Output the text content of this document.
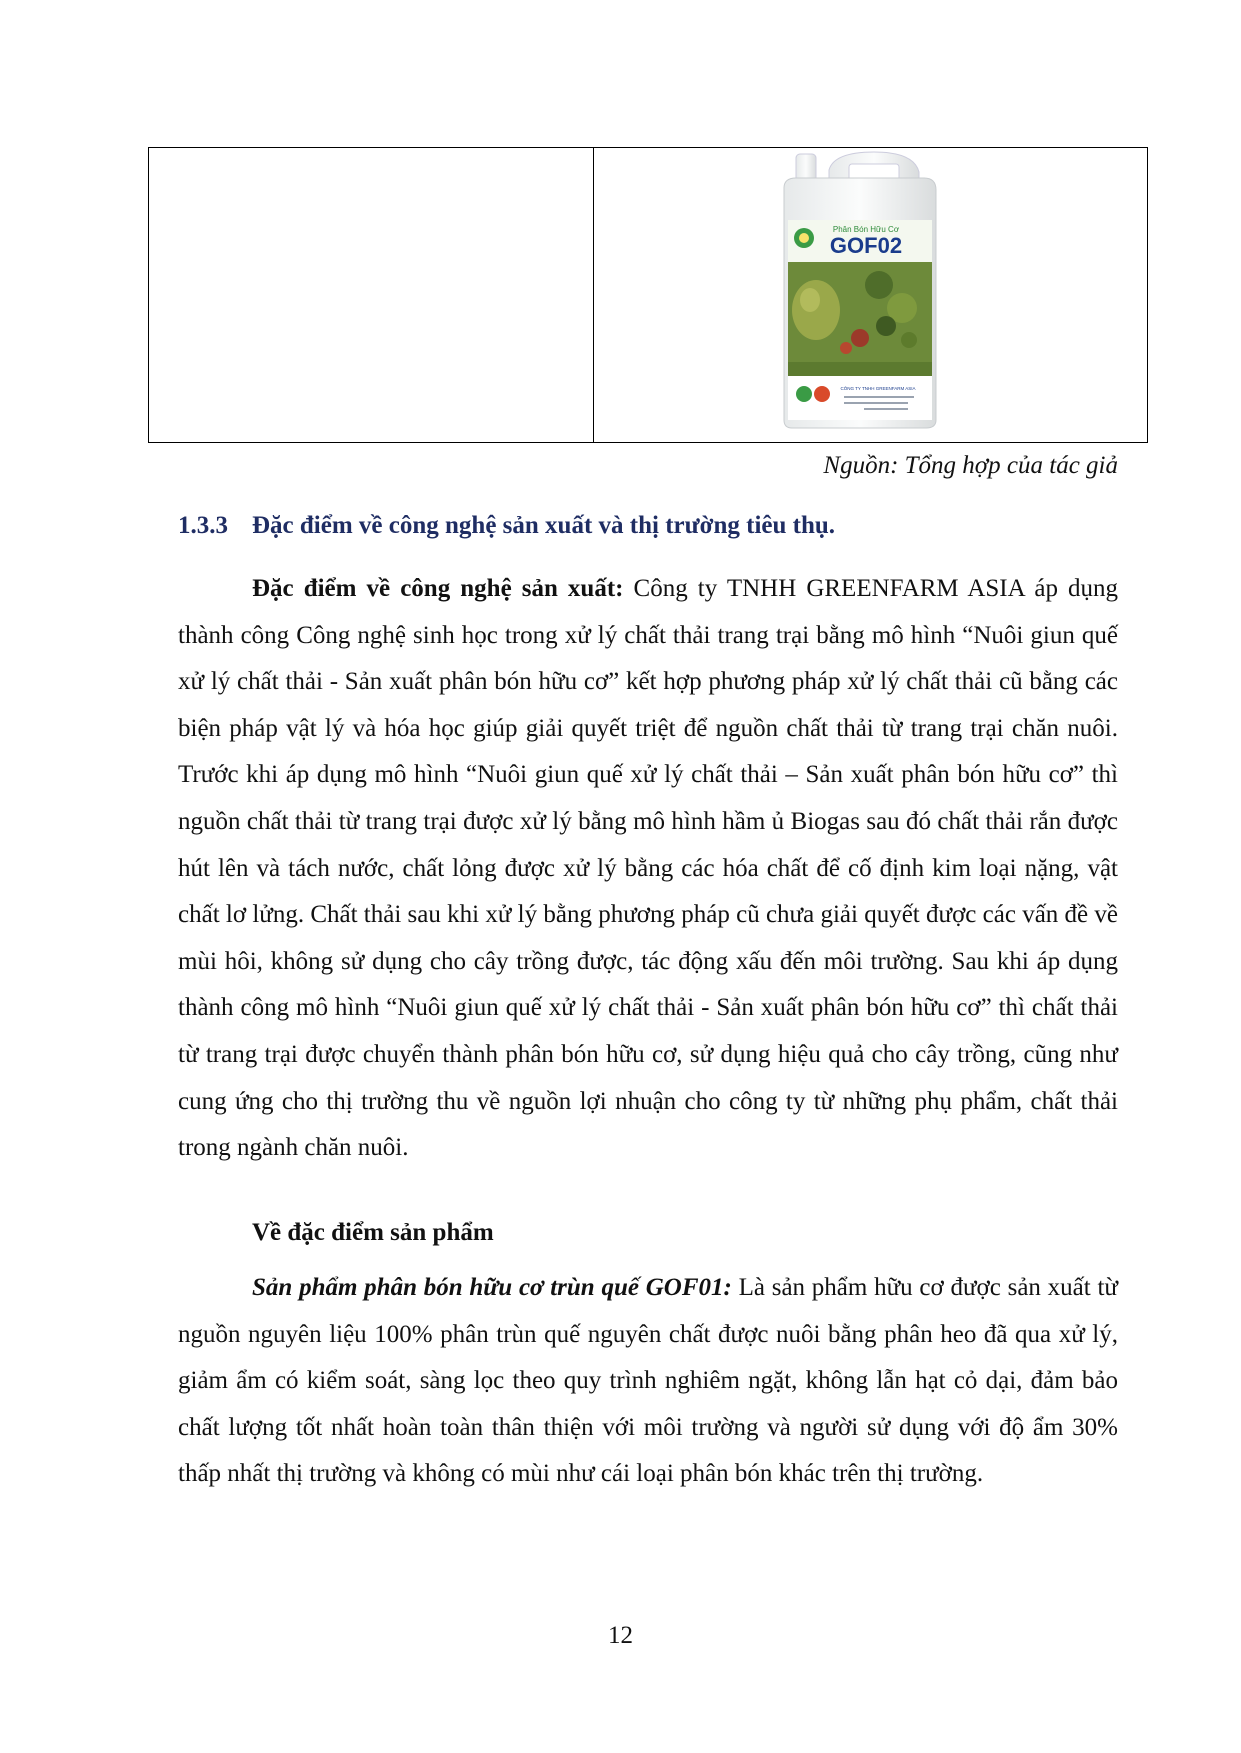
Phân Bón Hữu Cơ
GOF02
CÔNG TY TNHH GREENFARM ASIA
Nguồn: Tổng hợp của tác giả
1.3.3 Đặc điểm về công nghệ sản xuất và thị trường tiêu thụ.

Đặc điểm về công nghệ sản xuất: Công ty TNHH GREENFARM ASIA áp dụng thành công Công nghệ sinh học trong xử lý chất thải trang trại bằng mô hình “Nuôi giun quế xử lý chất thải - Sản xuất phân bón hữu cơ” kết hợp phương pháp xử lý chất thải cũ bằng các biện pháp vật lý và hóa học giúp giải quyết triệt để nguồn chất thải từ trang trại chăn nuôi. Trước khi áp dụng mô hình “Nuôi giun quế xử lý chất thải – Sản xuất phân bón hữu cơ” thì nguồn chất thải từ trang trại được xử lý bằng mô hình hầm ủ Biogas sau đó chất thải rắn được hút lên và tách nước, chất lỏng được xử lý bằng các hóa chất để cố định kim loại nặng, vật chất lơ lửng. Chất thải sau khi xử lý bằng phương pháp cũ chưa giải quyết được các vấn đề về mùi hôi, không sử dụng cho cây trồng được, tác động xấu đến môi trường. Sau khi áp dụng thành công mô hình “Nuôi giun quế xử lý chất thải - Sản xuất phân bón hữu cơ” thì chất thải từ trang trại được chuyển thành phân bón hữu cơ, sử dụng hiệu quả cho cây trồng, cũng như cung ứng cho thị trường thu về nguồn lợi nhuận cho công ty từ những phụ phẩm, chất thải trong ngành chăn nuôi.

Về đặc điểm sản phẩm

Sản phẩm phân bón hữu cơ trùn quế GOF01: Là sản phẩm hữu cơ được sản xuất từ nguồn nguyên liệu 100% phân trùn quế nguyên chất được nuôi bằng phân heo đã qua xử lý, giảm ẩm có kiểm soát, sàng lọc theo quy trình nghiêm ngặt, không lẫn hạt cỏ dại, đảm bảo chất lượng tốt nhất hoàn toàn thân thiện với môi trường và người sử dụng với độ ẩm 30% thấp nhất thị trường và không có mùi như cái loại phân bón khác trên thị trường.

12
